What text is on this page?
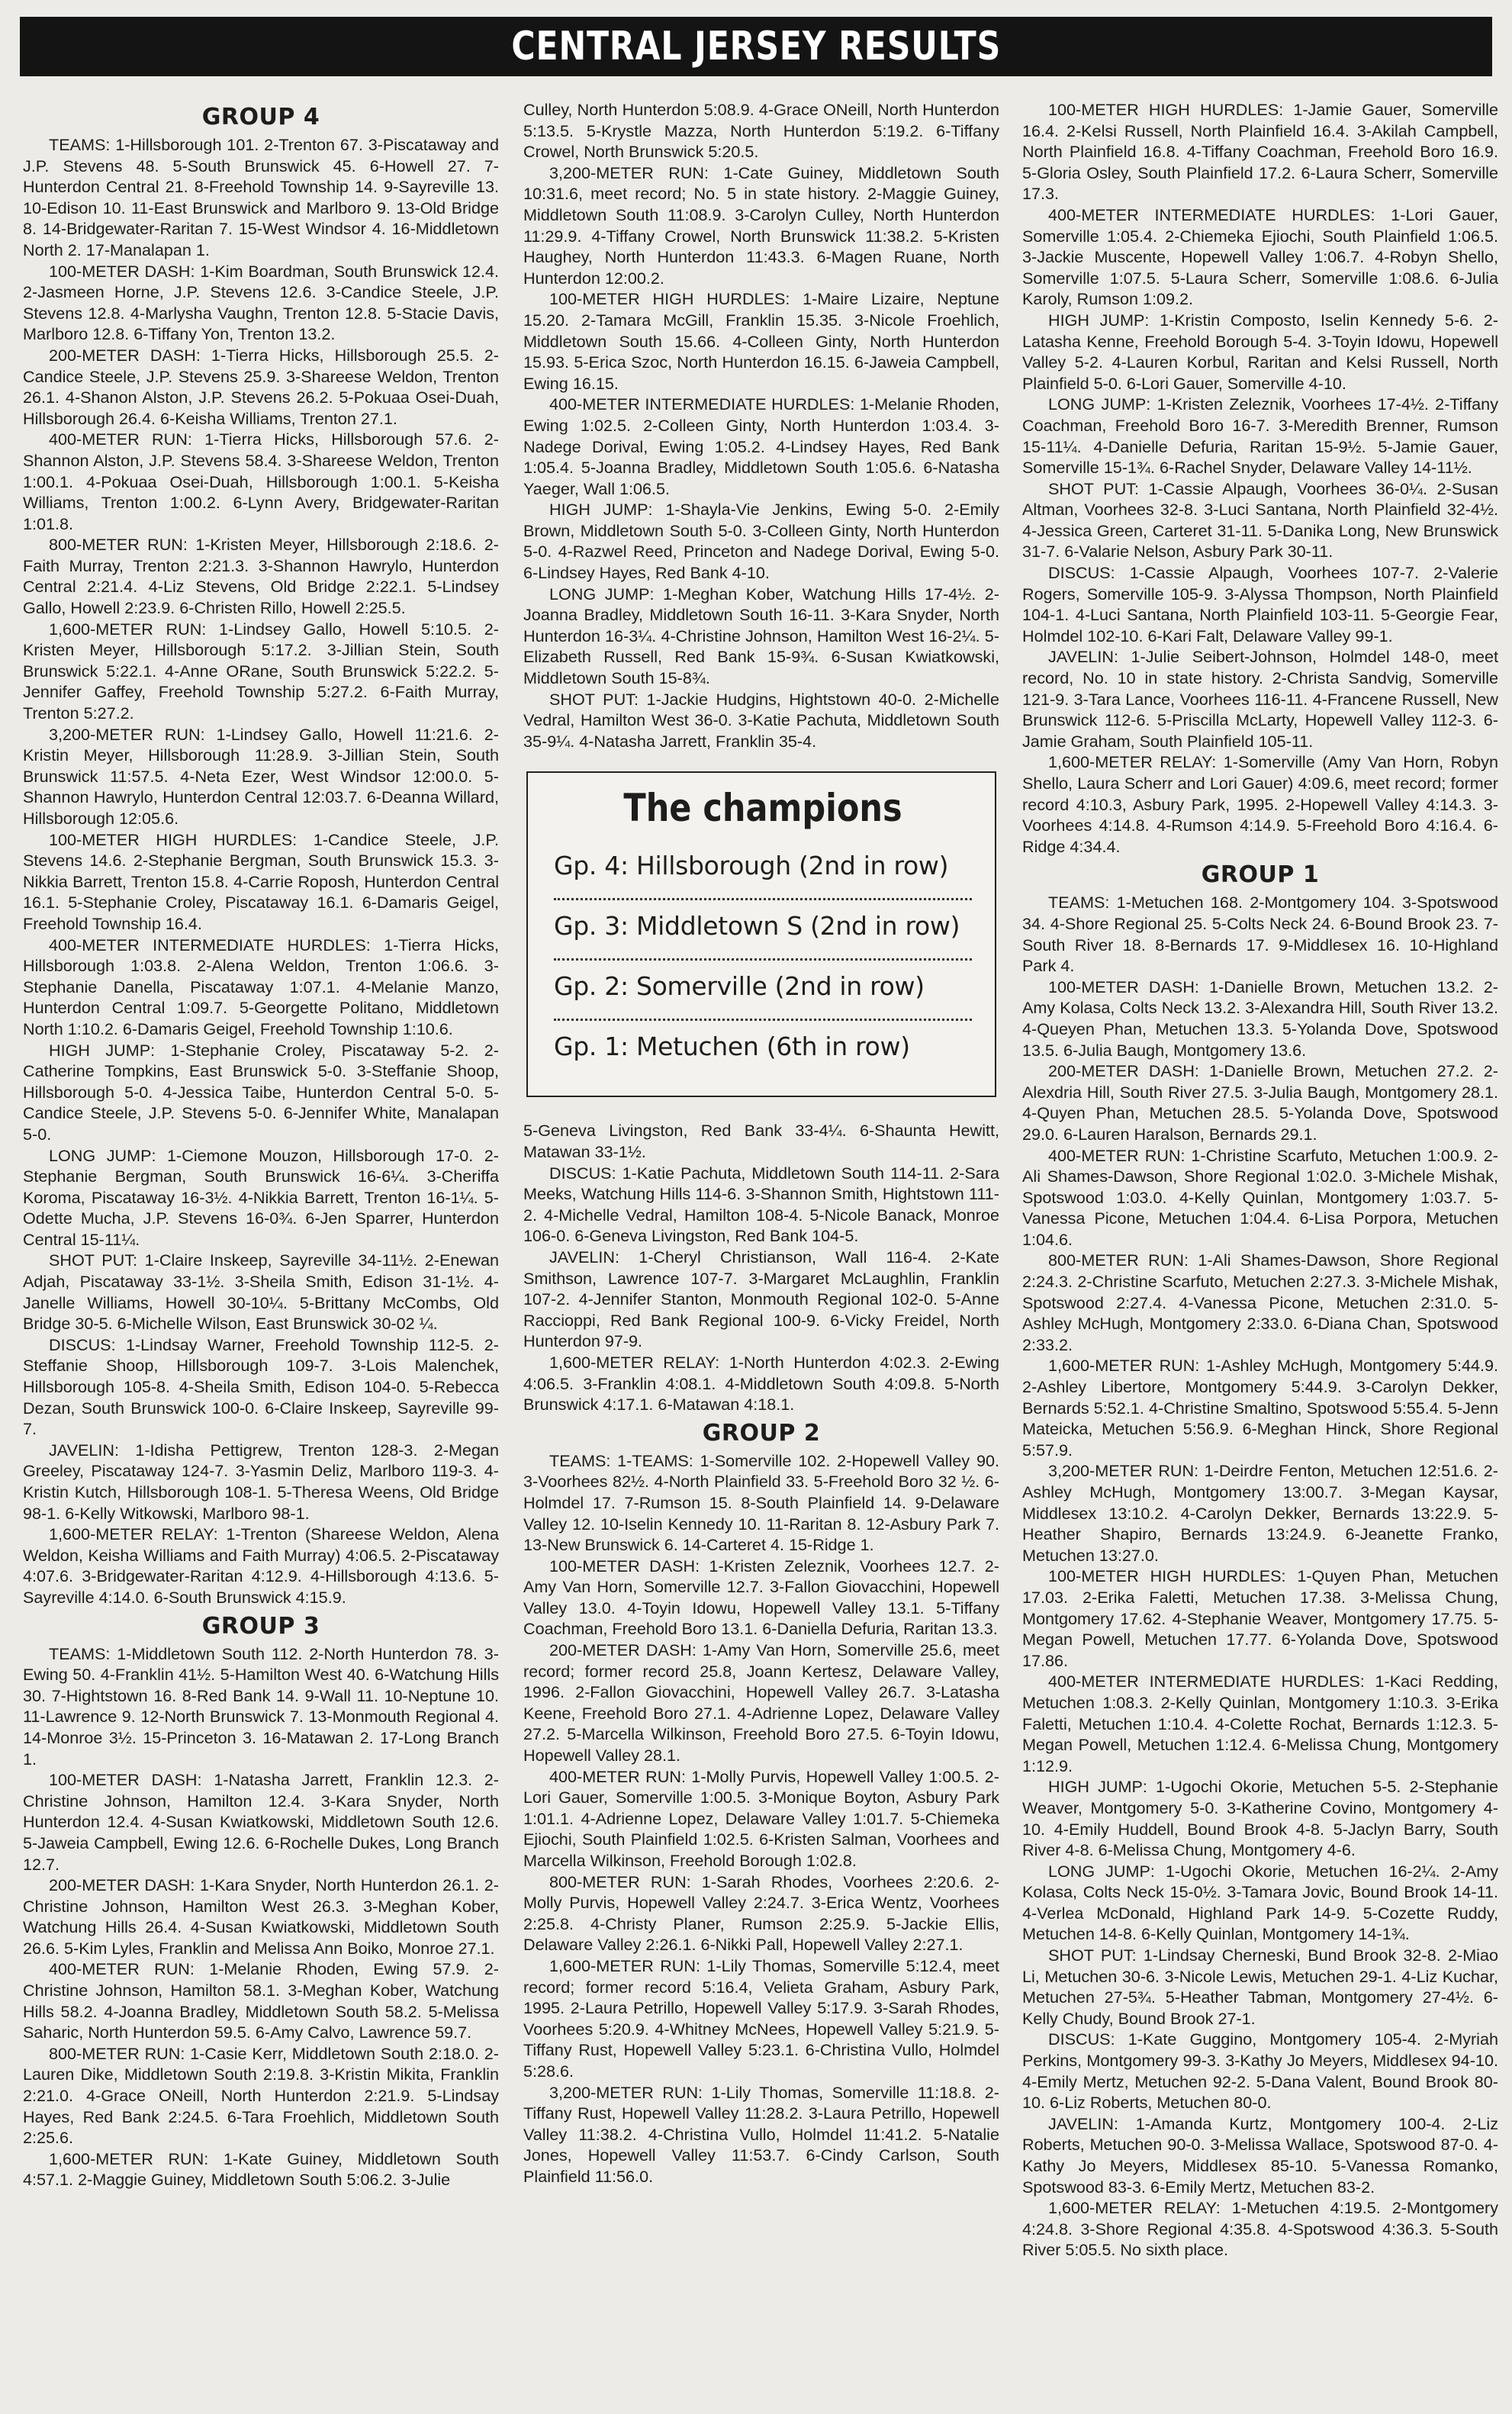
CENTRAL JERSEY RESULTS
GROUP 4

TEAMS: 1-Hillsborough 101. 2-Trenton 67. 3-Piscataway and J.P. Stevens 48. 5-South Brunswick 45. 6-Howell 27. 7-Hunterdon Central 21. 8-Freehold Township 14. 9-Sayreville 13. 10-Edison 10. 11-East Brunswick and Marlboro 9. 13-Old Bridge 8. 14-Bridgewater-Raritan 7. 15-West Windsor 4. 16-Middletown North 2. 17-Manalapan 1.

100-METER DASH: 1-Kim Boardman, South Brunswick 12.4. 2-Jasmeen Horne, J.P. Stevens 12.6. 3-Candice Steele, J.P. Stevens 12.8. 4-Marlysha Vaughn, Trenton 12.8. 5-Stacie Davis, Marlboro 12.8. 6-Tiffany Yon, Trenton 13.2.

200-METER DASH: 1-Tierra Hicks, Hillsborough 25.5. 2-Candice Steele, J.P. Stevens 25.9. 3-Shareese Weldon, Trenton 26.1. 4-Shanon Alston, J.P. Stevens 26.2. 5-Pokuaa Osei-Duah, Hillsborough 26.4. 6-Keisha Williams, Trenton 27.1.

400-METER RUN: 1-Tierra Hicks, Hillsborough 57.6. 2-Shannon Alston, J.P. Stevens 58.4. 3-Shareese Weldon, Trenton 1:00.1. 4-Pokuaa Osei-Duah, Hillsborough 1:00.1. 5-Keisha Williams, Trenton 1:00.2. 6-Lynn Avery, Bridgewater-Raritan 1:01.8.

800-METER RUN: 1-Kristen Meyer, Hillsborough 2:18.6. 2-Faith Murray, Trenton 2:21.3. 3-Shannon Hawrylo, Hunterdon Central 2:21.4. 4-Liz Stevens, Old Bridge 2:22.1. 5-Lindsey Gallo, Howell 2:23.9. 6-Christen Rillo, Howell 2:25.5.

1,600-METER RUN: 1-Lindsey Gallo, Howell 5:10.5. 2-Kristen Meyer, Hillsborough 5:17.2. 3-Jillian Stein, South Brunswick 5:22.1. 4-Anne ORane, South Brunswick 5:22.2. 5-Jennifer Gaffey, Freehold Township 5:27.2. 6-Faith Murray, Trenton 5:27.2.

3,200-METER RUN: 1-Lindsey Gallo, Howell 11:21.6. 2-Kristin Meyer, Hillsborough 11:28.9. 3-Jillian Stein, South Brunswick 11:57.5. 4-Neta Ezer, West Windsor 12:00.0. 5-Shannon Hawrylo, Hunterdon Central 12:03.7. 6-Deanna Willard, Hillsborough 12:05.6.

100-METER HIGH HURDLES: 1-Candice Steele, J.P. Stevens 14.6. 2-Stephanie Bergman, South Brunswick 15.3. 3-Nikkia Barrett, Trenton 15.8. 4-Carrie Roposh, Hunterdon Central 16.1. 5-Stephanie Croley, Piscataway 16.1. 6-Damaris Geigel, Freehold Township 16.4.

400-METER INTERMEDIATE HURDLES: 1-Tierra Hicks, Hillsborough 1:03.8. 2-Alena Weldon, Trenton 1:06.6. 3-Stephanie Danella, Piscataway 1:07.1. 4-Melanie Manzo, Hunterdon Central 1:09.7. 5-Georgette Politano, Middletown North 1:10.2. 6-Damaris Geigel, Freehold Township 1:10.6.

HIGH JUMP: 1-Stephanie Croley, Piscataway 5-2. 2-Catherine Tompkins, East Brunswick 5-0. 3-Steffanie Shoop, Hillsborough 5-0. 4-Jessica Taibe, Hunterdon Central 5-0. 5-Candice Steele, J.P. Stevens 5-0. 6-Jennifer White, Manalapan 5-0.

LONG JUMP: 1-Ciemone Mouzon, Hillsborough 17-0. 2-Stephanie Bergman, South Brunswick 16-6¼. 3-Cheriffa Koroma, Piscataway 16-3½. 4-Nikkia Barrett, Trenton 16-1¼. 5-Odette Mucha, J.P. Stevens 16-0¾. 6-Jen Sparrer, Hunterdon Central 15-11¼.

SHOT PUT: 1-Claire Inskeep, Sayreville 34-11½. 2-Enewan Adjah, Piscataway 33-1½. 3-Sheila Smith, Edison 31-1½. 4-Janelle Williams, Howell 30-10¼. 5-Brittany McCombs, Old Bridge 30-5. 6-Michelle Wilson, East Brunswick 30-02 ¼.

DISCUS: 1-Lindsay Warner, Freehold Township 112-5. 2-Steffanie Shoop, Hillsborough 109-7. 3-Lois Malenchek, Hillsborough 105-8. 4-Sheila Smith, Edison 104-0. 5-Rebecca Dezan, South Brunswick 100-0. 6-Claire Inskeep, Sayreville 99-7.

JAVELIN: 1-Idisha Pettigrew, Trenton 128-3. 2-Megan Greeley, Piscataway 124-7. 3-Yasmin Deliz, Marlboro 119-3. 4-Kristin Kutch, Hillsborough 108-1. 5-Theresa Weens, Old Bridge 98-1. 6-Kelly Witkowski, Marlboro 98-1.

1,600-METER RELAY: 1-Trenton (Shareese Weldon, Alena Weldon, Keisha Williams and Faith Murray) 4:06.5. 2-Piscataway 4:07.6. 3-Bridgewater-Raritan 4:12.9. 4-Hillsborough 4:13.6. 5-Sayreville 4:14.0. 6-South Brunswick 4:15.9.

GROUP 3

TEAMS: 1-Middletown South 112. 2-North Hunterdon 78. 3-Ewing 50. 4-Franklin 41½. 5-Hamilton West 40. 6-Watchung Hills 30. 7-Hightstown 16. 8-Red Bank 14. 9-Wall 11. 10-Neptune 10. 11-Lawrence 9. 12-North Brunswick 7. 13-Monmouth Regional 4. 14-Monroe 3½. 15-Princeton 3. 16-Matawan 2. 17-Long Branch 1.

100-METER DASH: 1-Natasha Jarrett, Franklin 12.3. 2-Christine Johnson, Hamilton 12.4. 3-Kara Snyder, North Hunterdon 12.4. 4-Susan Kwiatkowski, Middletown South 12.6. 5-Jaweia Campbell, Ewing 12.6. 6-Rochelle Dukes, Long Branch 12.7.

200-METER DASH: 1-Kara Snyder, North Hunterdon 26.1. 2-Christine Johnson, Hamilton West 26.3. 3-Meghan Kober, Watchung Hills 26.4. 4-Susan Kwiatkowski, Middletown South 26.6. 5-Kim Lyles, Franklin and Melissa Ann Boiko, Monroe 27.1.

400-METER RUN: 1-Melanie Rhoden, Ewing 57.9. 2-Christine Johnson, Hamilton 58.1. 3-Meghan Kober, Watchung Hills 58.2. 4-Joanna Bradley, Middletown South 58.2. 5-Melissa Saharic, North Hunterdon 59.5. 6-Amy Calvo, Lawrence 59.7.

800-METER RUN: 1-Casie Kerr, Middletown South 2:18.0. 2-Lauren Dike, Middletown South 2:19.8. 3-Kristin Mikita, Franklin 2:21.0. 4-Grace ONeill, North Hunterdon 2:21.9. 5-Lindsay Hayes, Red Bank 2:24.5. 6-Tara Froehlich, Middletown South 2:25.6.

1,600-METER RUN: 1-Kate Guiney, Middletown South 4:57.1. 2-Maggie Guiney, Middletown South 5:06.2. 3-Julie

Culley, North Hunterdon 5:08.9. 4-Grace ONeill, North Hunterdon 5:13.5. 5-Krystle Mazza, North Hunterdon 5:19.2. 6-Tiffany Crowel, North Brunswick 5:20.5.

3,200-METER RUN: 1-Cate Guiney, Middletown South 10:31.6, meet record; No. 5 in state history. 2-Maggie Guiney, Middletown South 11:08.9. 3-Carolyn Culley, North Hunterdon 11:29.9. 4-Tiffany Crowel, North Brunswick 11:38.2. 5-Kristen Haughey, North Hunterdon 11:43.3. 6-Magen Ruane, North Hunterdon 12:00.2.

100-METER HIGH HURDLES: 1-Maire Lizaire, Neptune 15.20. 2-Tamara McGill, Franklin 15.35. 3-Nicole Froehlich, Middletown South 15.66. 4-Colleen Ginty, North Hunterdon 15.93. 5-Erica Szoc, North Hunterdon 16.15. 6-Jaweia Campbell, Ewing 16.15.

400-METER INTERMEDIATE HURDLES: 1-Melanie Rhoden, Ewing 1:02.5. 2-Colleen Ginty, North Hunterdon 1:03.4. 3-Nadege Dorival, Ewing 1:05.2. 4-Lindsey Hayes, Red Bank 1:05.4. 5-Joanna Bradley, Middletown South 1:05.6. 6-Natasha Yaeger, Wall 1:06.5.

HIGH JUMP: 1-Shayla-Vie Jenkins, Ewing 5-0. 2-Emily Brown, Middletown South 5-0. 3-Colleen Ginty, North Hunterdon 5-0. 4-Razwel Reed, Princeton and Nadege Dorival, Ewing 5-0. 6-Lindsey Hayes, Red Bank 4-10.

LONG JUMP: 1-Meghan Kober, Watchung Hills 17-4½. 2-Joanna Bradley, Middletown South 16-11. 3-Kara Snyder, North Hunterdon 16-3¼. 4-Christine Johnson, Hamilton West 16-2¼. 5-Elizabeth Russell, Red Bank 15-9¾. 6-Susan Kwiatkowski, Middletown South 15-8¾.

SHOT PUT: 1-Jackie Hudgins, Hightstown 40-0. 2-Michelle Vedral, Hamilton West 36-0. 3-Katie Pachuta, Middletown South 35-9¼. 4-Natasha Jarrett, Franklin 35-4.

The champions
Gp. 4: Hillsborough (2nd in row)
Gp. 3: Middletown S (2nd in row)
Gp. 2: Somerville (2nd in row)
Gp. 1: Metuchen (6th in row)

5-Geneva Livingston, Red Bank 33-4¼. 6-Shaunta Hewitt, Matawan 33-1½.

DISCUS: 1-Katie Pachuta, Middletown South 114-11. 2-Sara Meeks, Watchung Hills 114-6. 3-Shannon Smith, Hightstown 111-2. 4-Michelle Vedral, Hamilton 108-4. 5-Nicole Banack, Monroe 106-0. 6-Geneva Livingston, Red Bank 104-5.

JAVELIN: 1-Cheryl Christianson, Wall 116-4. 2-Kate Smithson, Lawrence 107-7. 3-Margaret McLaughlin, Franklin 107-2. 4-Jennifer Stanton, Monmouth Regional 102-0. 5-Anne Raccioppi, Red Bank Regional 100-9. 6-Vicky Freidel, North Hunterdon 97-9.

1,600-METER RELAY: 1-North Hunterdon 4:02.3. 2-Ewing 4:06.5. 3-Franklin 4:08.1. 4-Middletown South 4:09.8. 5-North Brunswick 4:17.1. 6-Matawan 4:18.1.

GROUP 2

TEAMS: 1-TEAMS: 1-Somerville 102. 2-Hopewell Valley 90. 3-Voorhees 82½. 4-North Plainfield 33. 5-Freehold Boro 32 ½. 6-Holmdel 17. 7-Rumson 15. 8-South Plainfield 14. 9-Delaware Valley 12. 10-Iselin Kennedy 10. 11-Raritan 8. 12-Asbury Park 7. 13-New Brunswick 6. 14-Carteret 4. 15-Ridge 1.

100-METER DASH: 1-Kristen Zeleznik, Voorhees 12.7. 2-Amy Van Horn, Somerville 12.7. 3-Fallon Giovacchini, Hopewell Valley 13.0. 4-Toyin Idowu, Hopewell Valley 13.1. 5-Tiffany Coachman, Freehold Boro 13.1. 6-Daniella Defuria, Raritan 13.3.

200-METER DASH: 1-Amy Van Horn, Somerville 25.6, meet record; former record 25.8, Joann Kertesz, Delaware Valley, 1996. 2-Fallon Giovacchini, Hopewell Valley 26.7. 3-Latasha Keene, Freehold Boro 27.1. 4-Adrienne Lopez, Delaware Valley 27.2. 5-Marcella Wilkinson, Freehold Boro 27.5. 6-Toyin Idowu, Hopewell Valley 28.1.

400-METER RUN: 1-Molly Purvis, Hopewell Valley 1:00.5. 2-Lori Gauer, Somerville 1:00.5. 3-Monique Boyton, Asbury Park 1:01.1. 4-Adrienne Lopez, Delaware Valley 1:01.7. 5-Chiemeka Ejiochi, South Plainfield 1:02.5. 6-Kristen Salman, Voorhees and Marcella Wilkinson, Freehold Borough 1:02.8.

800-METER RUN: 1-Sarah Rhodes, Voorhees 2:20.6. 2-Molly Purvis, Hopewell Valley 2:24.7. 3-Erica Wentz, Voorhees 2:25.8. 4-Christy Planer, Rumson 2:25.9. 5-Jackie Ellis, Delaware Valley 2:26.1. 6-Nikki Pall, Hopewell Valley 2:27.1.

1,600-METER RUN: 1-Lily Thomas, Somerville 5:12.4, meet record; former record 5:16.4, Velieta Graham, Asbury Park, 1995. 2-Laura Petrillo, Hopewell Valley 5:17.9. 3-Sarah Rhodes, Voorhees 5:20.9. 4-Whitney McNees, Hopewell Valley 5:21.9. 5-Tiffany Rust, Hopewell Valley 5:23.1. 6-Christina Vullo, Holmdel 5:28.6.

3,200-METER RUN: 1-Lily Thomas, Somerville 11:18.8. 2-Tiffany Rust, Hopewell Valley 11:28.2. 3-Laura Petrillo, Hopewell Valley 11:38.2. 4-Christina Vullo, Holmdel 11:41.2. 5-Natalie Jones, Hopewell Valley 11:53.7. 6-Cindy Carlson, South Plainfield 11:56.0.

100-METER HIGH HURDLES: 1-Jamie Gauer, Somerville 16.4. 2-Kelsi Russell, North Plainfield 16.4. 3-Akilah Campbell, North Plainfield 16.8. 4-Tiffany Coachman, Freehold Boro 16.9. 5-Gloria Osley, South Plainfield 17.2. 6-Laura Scherr, Somerville 17.3.

400-METER INTERMEDIATE HURDLES: 1-Lori Gauer, Somerville 1:05.4. 2-Chiemeka Ejiochi, South Plainfield 1:06.5. 3-Jackie Muscente, Hopewell Valley 1:06.7. 4-Robyn Shello, Somerville 1:07.5. 5-Laura Scherr, Somerville 1:08.6. 6-Julia Karoly, Rumson 1:09.2.

HIGH JUMP: 1-Kristin Composto, Iselin Kennedy 5-6. 2-Latasha Kenne, Freehold Borough 5-4. 3-Toyin Idowu, Hopewell Valley 5-2. 4-Lauren Korbul, Raritan and Kelsi Russell, North Plainfield 5-0. 6-Lori Gauer, Somerville 4-10.

LONG JUMP: 1-Kristen Zeleznik, Voorhees 17-4½. 2-Tiffany Coachman, Freehold Boro 16-7. 3-Meredith Brenner, Rumson 15-11¼. 4-Danielle Defuria, Raritan 15-9½. 5-Jamie Gauer, Somerville 15-1¾. 6-Rachel Snyder, Delaware Valley 14-11½.

SHOT PUT: 1-Cassie Alpaugh, Voorhees 36-0¼. 2-Susan Altman, Voorhees 32-8. 3-Luci Santana, North Plainfield 32-4½. 4-Jessica Green, Carteret 31-11. 5-Danika Long, New Brunswick 31-7. 6-Valarie Nelson, Asbury Park 30-11.

DISCUS: 1-Cassie Alpaugh, Voorhees 107-7. 2-Valerie Rogers, Somerville 105-9. 3-Alyssa Thompson, North Plainfield 104-1. 4-Luci Santana, North Plainfield 103-11. 5-Georgie Fear, Holmdel 102-10. 6-Kari Falt, Delaware Valley 99-1.

JAVELIN: 1-Julie Seibert-Johnson, Holmdel 148-0, meet record, No. 10 in state history. 2-Christa Sandvig, Somerville 121-9. 3-Tara Lance, Voorhees 116-11. 4-Francene Russell, New Brunswick 112-6. 5-Priscilla McLarty, Hopewell Valley 112-3. 6-Jamie Graham, South Plainfield 105-11.

1,600-METER RELAY: 1-Somerville (Amy Van Horn, Robyn Shello, Laura Scherr and Lori Gauer) 4:09.6, meet record; former record 4:10.3, Asbury Park, 1995. 2-Hopewell Valley 4:14.3. 3-Voorhees 4:14.8. 4-Rumson 4:14.9. 5-Freehold Boro 4:16.4. 6-Ridge 4:34.4.

GROUP 1

TEAMS: 1-Metuchen 168. 2-Montgomery 104. 3-Spotswood 34. 4-Shore Regional 25. 5-Colts Neck 24. 6-Bound Brook 23. 7-South River 18. 8-Bernards 17. 9-Middlesex 16. 10-Highland Park 4.

100-METER DASH: 1-Danielle Brown, Metuchen 13.2. 2-Amy Kolasa, Colts Neck 13.2. 3-Alexandra Hill, South River 13.2. 4-Queyen Phan, Metuchen 13.3. 5-Yolanda Dove, Spotswood 13.5. 6-Julia Baugh, Montgomery 13.6.

200-METER DASH: 1-Danielle Brown, Metuchen 27.2. 2-Alexdria Hill, South River 27.5. 3-Julia Baugh, Montgomery 28.1. 4-Quyen Phan, Metuchen 28.5. 5-Yolanda Dove, Spotswood 29.0. 6-Lauren Haralson, Bernards 29.1.

400-METER RUN: 1-Christine Scarfuto, Metuchen 1:00.9. 2-Ali Shames-Dawson, Shore Regional 1:02.0. 3-Michele Mishak, Spotswood 1:03.0. 4-Kelly Quinlan, Montgomery 1:03.7. 5-Vanessa Picone, Metuchen 1:04.4. 6-Lisa Porpora, Metuchen 1:04.6.

800-METER RUN: 1-Ali Shames-Dawson, Shore Regional 2:24.3. 2-Christine Scarfuto, Metuchen 2:27.3. 3-Michele Mishak, Spotswood 2:27.4. 4-Vanessa Picone, Metuchen 2:31.0. 5-Ashley McHugh, Montgomery 2:33.0. 6-Diana Chan, Spotswood 2:33.2.

1,600-METER RUN: 1-Ashley McHugh, Montgomery 5:44.9. 2-Ashley Libertore, Montgomery 5:44.9. 3-Carolyn Dekker, Bernards 5:52.1. 4-Christine Smaltino, Spotswood 5:55.4. 5-Jenn Mateicka, Metuchen 5:56.9. 6-Meghan Hinck, Shore Regional 5:57.9.

3,200-METER RUN: 1-Deirdre Fenton, Metuchen 12:51.6. 2-Ashley McHugh, Montgomery 13:00.7. 3-Megan Kaysar, Middlesex 13:10.2. 4-Carolyn Dekker, Bernards 13:22.9. 5-Heather Shapiro, Bernards 13:24.9. 6-Jeanette Franko, Metuchen 13:27.0.

100-METER HIGH HURDLES: 1-Quyen Phan, Metuchen 17.03. 2-Erika Faletti, Metuchen 17.38. 3-Melissa Chung, Montgomery 17.62. 4-Stephanie Weaver, Montgomery 17.75. 5-Megan Powell, Metuchen 17.77. 6-Yolanda Dove, Spotswood 17.86.

400-METER INTERMEDIATE HURDLES: 1-Kaci Redding, Metuchen 1:08.3. 2-Kelly Quinlan, Montgomery 1:10.3. 3-Erika Faletti, Metuchen 1:10.4. 4-Colette Rochat, Bernards 1:12.3. 5-Megan Powell, Metuchen 1:12.4. 6-Melissa Chung, Montgomery 1:12.9.

HIGH JUMP: 1-Ugochi Okorie, Metuchen 5-5. 2-Stephanie Weaver, Montgomery 5-0. 3-Katherine Covino, Montgomery 4-10. 4-Emily Huddell, Bound Brook 4-8. 5-Jaclyn Barry, South River 4-8. 6-Melissa Chung, Montgomery 4-6.

LONG JUMP: 1-Ugochi Okorie, Metuchen 16-2¼. 2-Amy Kolasa, Colts Neck 15-0½. 3-Tamara Jovic, Bound Brook 14-11. 4-Verlea McDonald, Highland Park 14-9. 5-Cozette Ruddy, Metuchen 14-8. 6-Kelly Quinlan, Montgomery 14-1¾.

SHOT PUT: 1-Lindsay Cherneski, Bund Brook 32-8. 2-Miao Li, Metuchen 30-6. 3-Nicole Lewis, Metuchen 29-1. 4-Liz Kuchar, Metuchen 27-5¾. 5-Heather Tabman, Montgomery 27-4½. 6-Kelly Chudy, Bound Brook 27-1.

DISCUS: 1-Kate Guggino, Montgomery 105-4. 2-Myriah Perkins, Montgomery 99-3. 3-Kathy Jo Meyers, Middlesex 94-10. 4-Emily Mertz, Metuchen 92-2. 5-Dana Valent, Bound Brook 80-10. 6-Liz Roberts, Metuchen 80-0.

JAVELIN: 1-Amanda Kurtz, Montgomery 100-4. 2-Liz Roberts, Metuchen 90-0. 3-Melissa Wallace, Spotswood 87-0. 4-Kathy Jo Meyers, Middlesex 85-10. 5-Vanessa Romanko, Spotswood 83-3. 6-Emily Mertz, Metuchen 83-2.

1,600-METER RELAY: 1-Metuchen 4:19.5. 2-Montgomery 4:24.8. 3-Shore Regional 4:35.8. 4-Spotswood 4:36.3. 5-South River 5:05.5. No sixth place.
